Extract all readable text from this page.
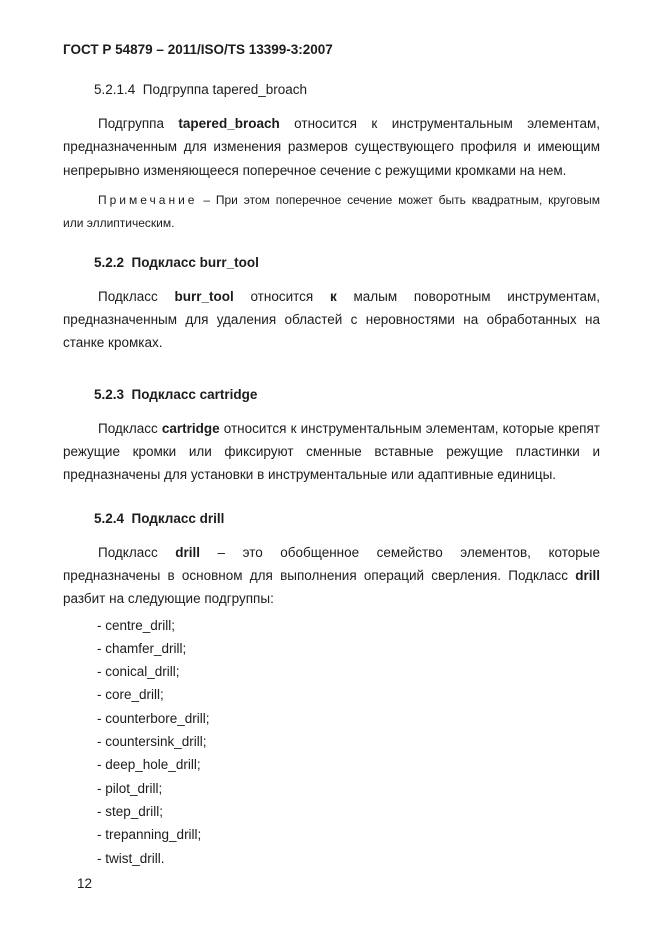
ГОСТ Р 54879 – 2011/ISO/TS 13399-3:2007
5.2.1.4  Подгруппа tapered_broach

Подгруппа tapered_broach относится к инструментальным элементам, предназначенным для изменения размеров существующего профиля и имеющим непрерывно изменяющееся поперечное сечение с режущими кромками на нем.

Примечание – При этом поперечное сечение может быть квадратным, круговым или эллиптическим.

5.2.2  Подкласс burr_tool

Подкласс burr_tool относится к малым поворотным инструментам, предназначенным для удаления областей с неровностями на обработанных на станке кромках.

5.2.3  Подкласс cartridge

Подкласс cartridge относится к инструментальным элементам, которые крепят режущие кромки или фиксируют сменные вставные режущие пластинки и предназначены для установки в инструментальные или адаптивные единицы.

5.2.4  Подкласс drill

Подкласс drill – это обобщенное семейство элементов, которые предназначены в основном для выполнения операций сверления. Подкласс drill разбит на следующие подгруппы:

- centre_drill;
- chamfer_drill;
- conical_drill;
- core_drill;
- counterbore_drill;
- countersink_drill;
- deep_hole_drill;
- pilot_drill;
- step_drill;
- trepanning_drill;
- twist_drill.
12
